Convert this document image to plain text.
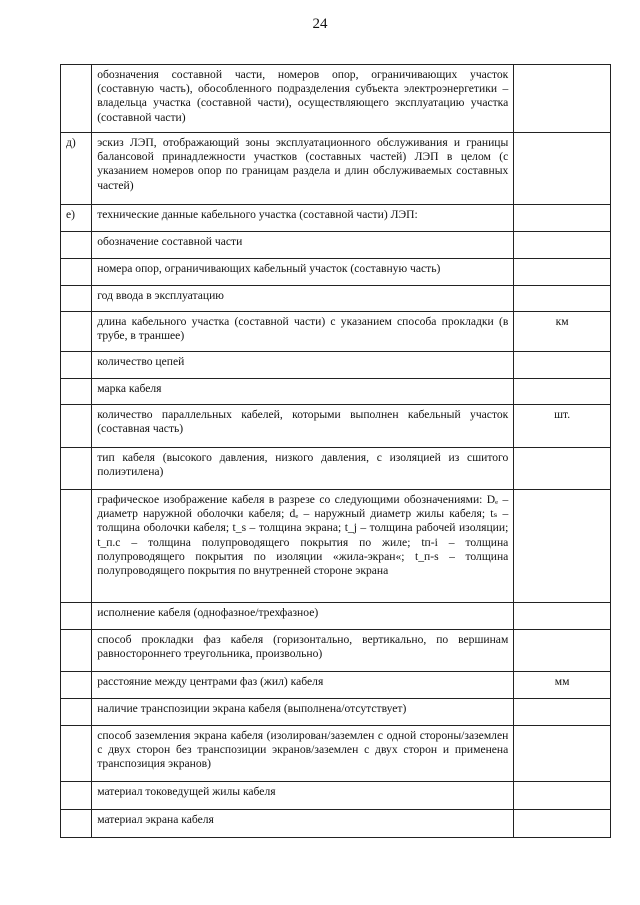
24
	обозначения составной части, номеров опор, ограничивающих участок (составную часть), обособленного подразделения субъекта электроэнергетики – владельца участка (составной части), осуществляющего эксплуатацию участка (составной части)	
д)	эскиз ЛЭП, отображающий зоны эксплуатационного обслуживания и границы балансовой принадлежности участков (составных частей) ЛЭП в целом (с указанием номеров опор по границам раздела и длин обслуживаемых составных частей)	
е)	технические данные кабельного участка (составной части) ЛЭП:	
	обозначение составной части	
	номера опор, ограничивающих кабельный участок (составную часть)	
	год ввода в эксплуатацию	
	длина кабельного участка (составной части) с указанием способа прокладки (в трубе, в траншее)	км
	количество цепей	
	марка кабеля	
	количество параллельных кабелей, которыми выполнен кабельный участок (составная часть)	шт.
	тип кабеля (высокого давления, низкого давления, с изоляцией из сшитого полиэтилена)	
	графическое изображение кабеля в разрезе со следующими обозначениями: Dₑ – диаметр наружной оболочки кабеля; dₑ – наружный диаметр жилы кабеля; tₛ – толщина оболочки кабеля; t_s – толщина экрана; t_j – толщина рабочей изоляции; t_п.с – толщина полупроводящего покрытия по жиле; tп-i – толщина полупроводящего покрытия по изоляции «жила-экран«; t_п-s – толщина полупроводящего покрытия по внутренней стороне экрана	
	исполнение кабеля (однофазное/трехфазное)	
	способ прокладки фаз кабеля (горизонтально, вертикально, по вершинам равностороннего треугольника, произвольно)	
	расстояние между центрами фаз (жил) кабеля	мм
	наличие транспозиции экрана кабеля (выполнена/отсутствует)	
	способ заземления экрана кабеля (изолирован/заземлен с одной стороны/заземлен с двух сторон без транспозиции экранов/заземлен с двух сторон и применена транспозиция экранов)	
	материал токоведущей жилы кабеля	
	материал экрана кабеля	
